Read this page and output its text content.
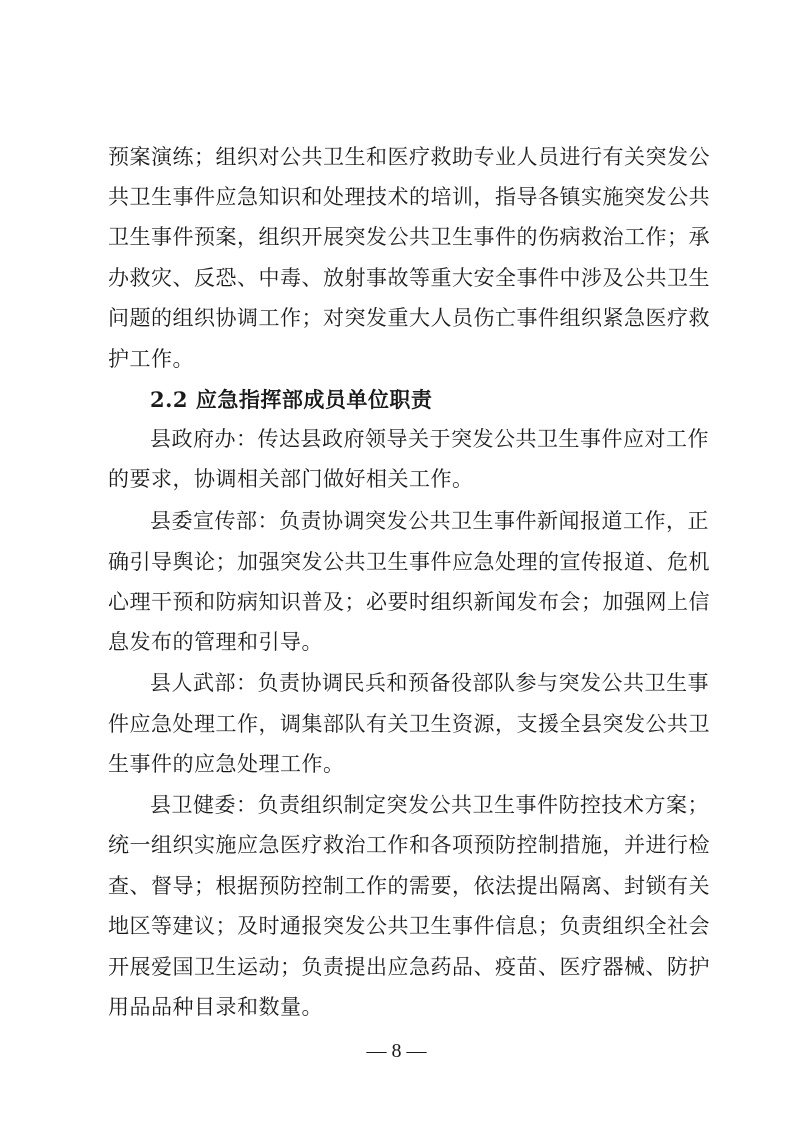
预案演练；组织对公共卫生和医疗救助专业人员进行有关突发公
共卫生事件应急知识和处理技术的培训，指导各镇实施突发公共
卫生事件预案，组织开展突发公共卫生事件的伤病救治工作；承
办救灾、反恐、中毒、放射事故等重大安全事件中涉及公共卫生
问题的组织协调工作；对突发重大人员伤亡事件组织紧急医疗救
护工作。
2.2 应急指挥部成员单位职责
县政府办：传达县政府领导关于突发公共卫生事件应对工作
的要求，协调相关部门做好相关工作。
县委宣传部：负责协调突发公共卫生事件新闻报道工作，正
确引导舆论；加强突发公共卫生事件应急处理的宣传报道、危机
心理干预和防病知识普及；必要时组织新闻发布会；加强网上信
息发布的管理和引导。
县人武部：负责协调民兵和预备役部队参与突发公共卫生事
件应急处理工作，调集部队有关卫生资源，支援全县突发公共卫
生事件的应急处理工作。
县卫健委：负责组织制定突发公共卫生事件防控技术方案；
统一组织实施应急医疗救治工作和各项预防控制措施，并进行检
查、督导；根据预防控制工作的需要，依法提出隔离、封锁有关
地区等建议；及时通报突发公共卫生事件信息；负责组织全社会
开展爱国卫生运动；负责提出应急药品、疫苗、医疗器械、防护
用品品种目录和数量。
— 8 —
